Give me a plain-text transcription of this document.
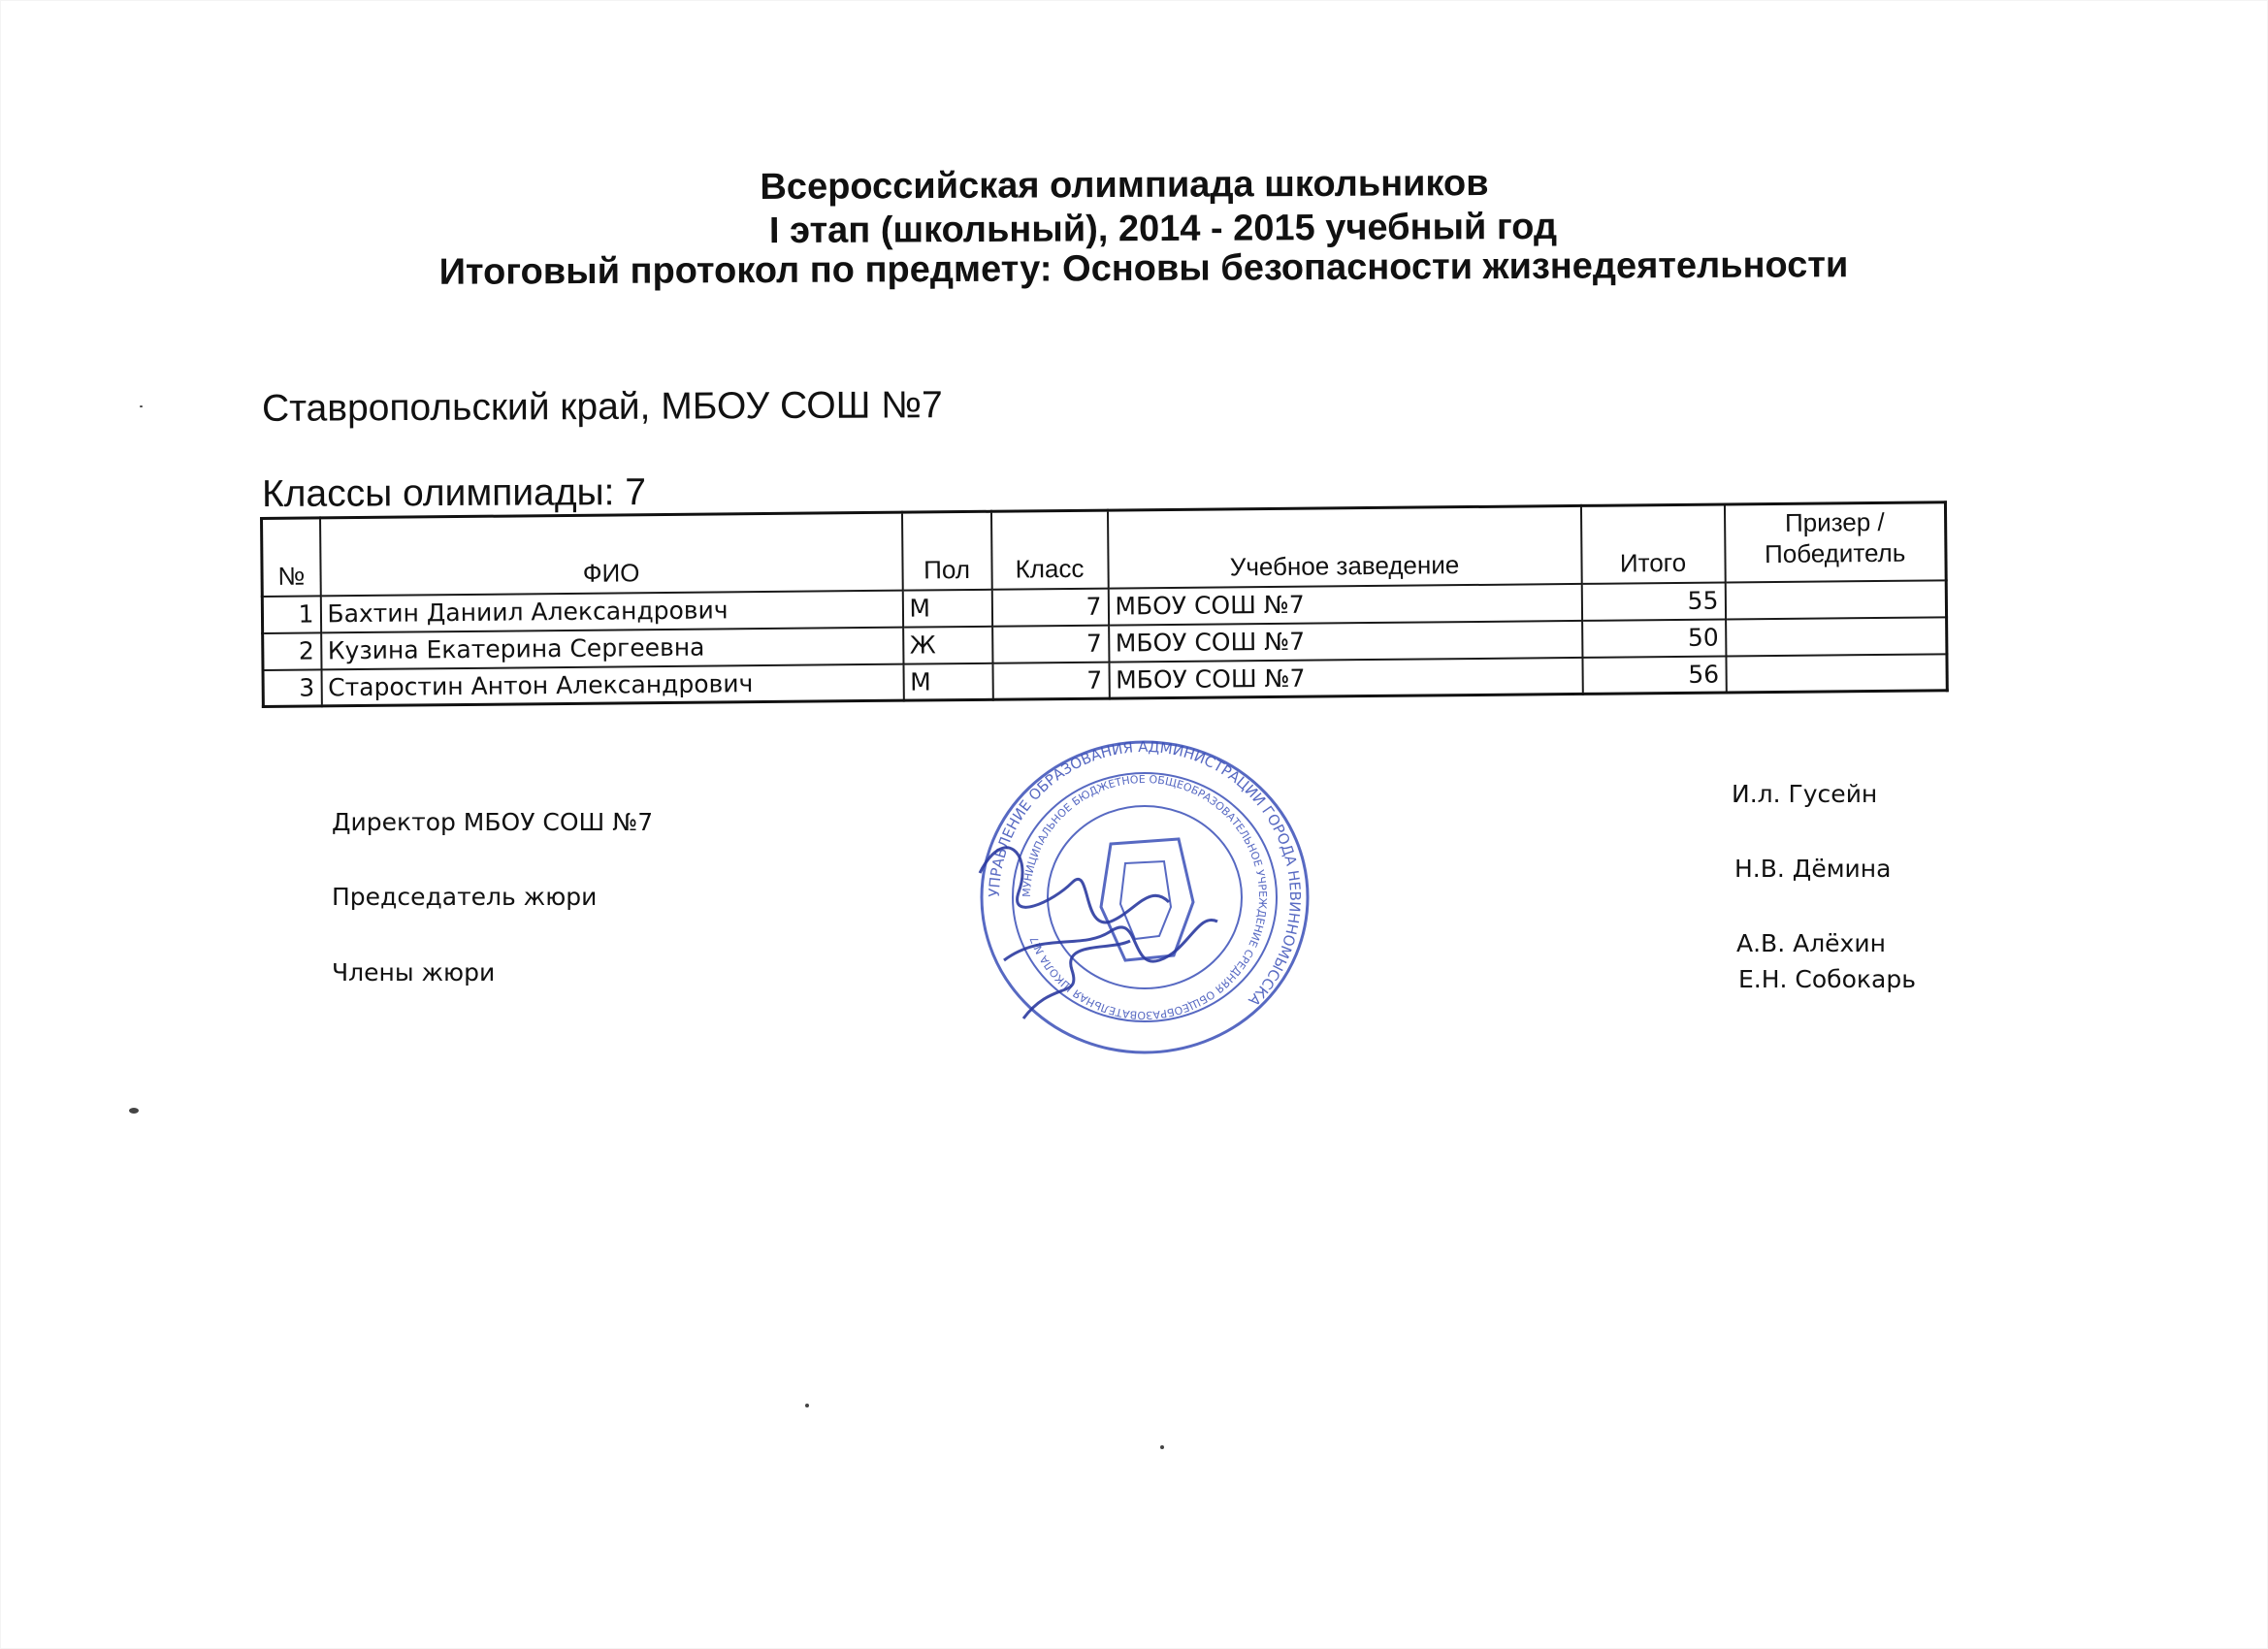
Всероссийская олимпиада школьников
I этап (школьный), 2014 - 2015 учебный год
Итоговый протокол по предмету: Основы безопасности жизнедеятельности
Ставропольский край, МБОУ СОШ №7
Классы олимпиады: 7
№	ФИО	Пол	Класс	Учебное заведение	Итого	Призер /
Победитель
1	Бахтин Даниил Александрович	М	7	МБОУ СОШ №7	55	
2	Кузина Екатерина Сергеевна	Ж	7	МБОУ СОШ №7	50	
3	Старостин Антон Александрович	М	7	МБОУ СОШ №7	56	
Директор МБОУ СОШ №7
Председатель жюри
Члены жюри
И.л. Гусейн
Н.В. Дёмина
А.В. Алёхин
Е.Н. Собокарь
УПРАВЛЕНИЕ ОБРАЗОВАНИЯ АДМИНИСТРАЦИИ ГОРОДА НЕВИННОМЫССКА
МУНИЦИПАЛЬНОЕ БЮДЖЕТНОЕ ОБЩЕОБРАЗОВАТЕЛЬНОЕ УЧРЕЖДЕНИЕ СРЕДНЯЯ ОБЩЕОБРАЗОВАТЕЛЬНАЯ ШКОЛА №7
